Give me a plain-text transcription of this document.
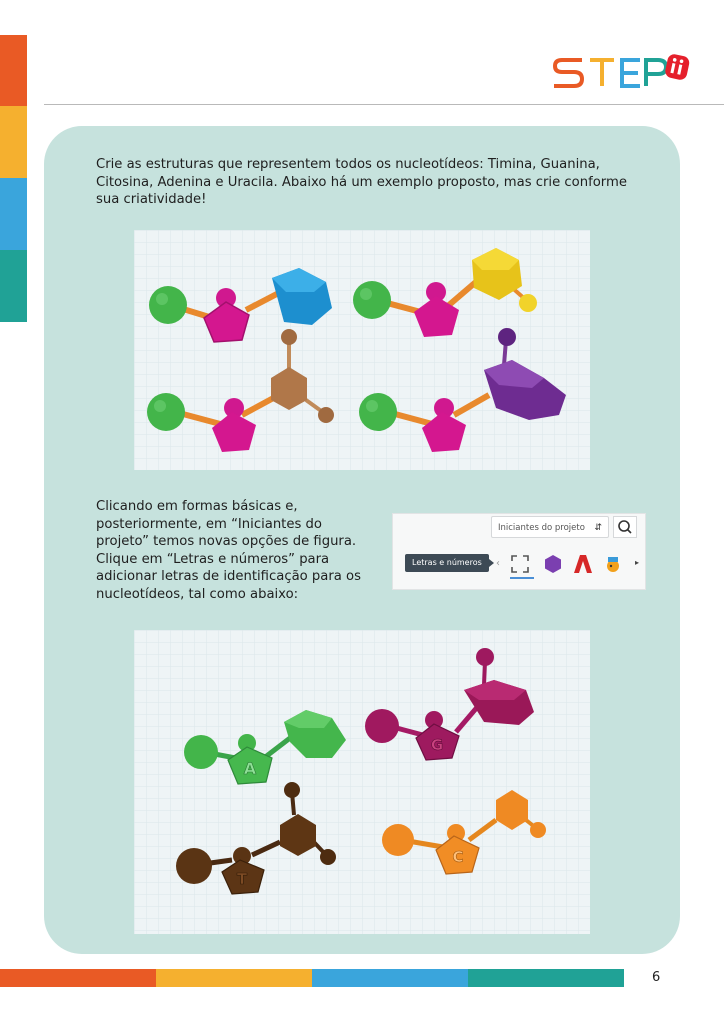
Crie as estruturas que representem todos os nucleotídeos: Timina, Guanina, Citosina, Adenina e Uracila. Abaixo há um exemplo proposto, mas crie conforme sua criatividade!
Clicando em formas básicas e, posteriormente, em “Iniciantes do projeto” temos novas opções de figura. Clique em “Letras e números” para adicionar letras de identificação para os nucleotídeos, tal como abaixo:
Iniciantes do projeto ⇵
Letras e números	‹	▸
A
G
T
C
6
